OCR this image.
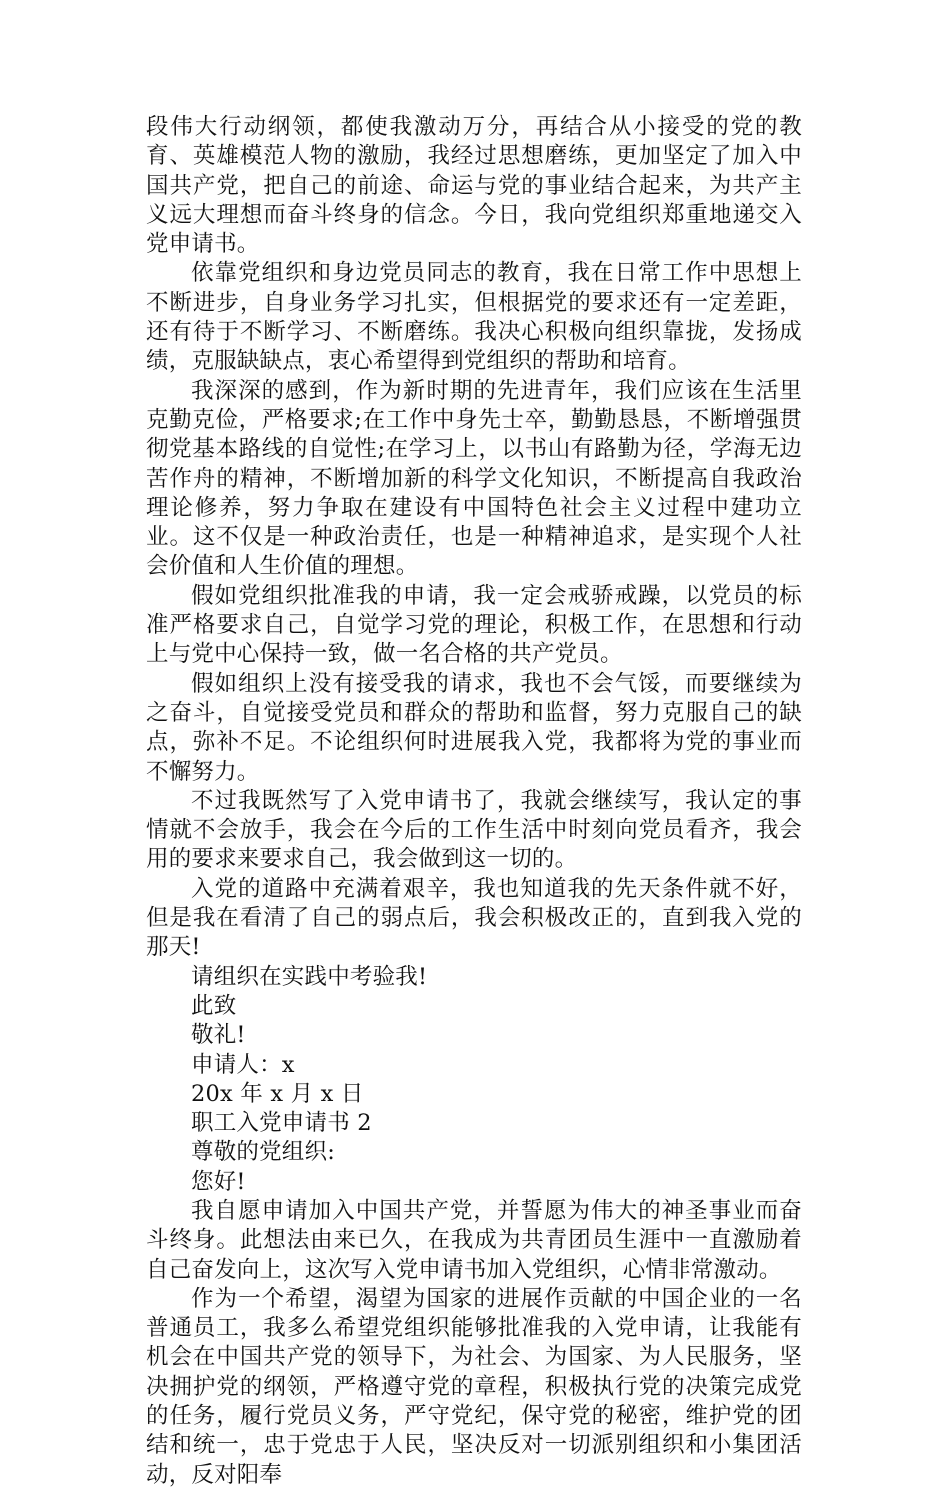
段伟大行动纲领，都使我激动万分，再结合从小接受的党的教育、英雄模范人物的激励，我经过思想磨练，更加坚定了加入中国共产党，把自己的前途、命运与党的事业结合起来，为共产主义远大理想而奋斗终身的信念。今日，我向党组织郑重地递交入党申请书。

依靠党组织和身边党员同志的教育，我在日常工作中思想上不断进步，自身业务学习扎实，但根据党的要求还有一定差距，还有待于不断学习、不断磨练。我决心积极向组织靠拢，发扬成绩，克服缺缺点，衷心希望得到党组织的帮助和培育。

我深深的感到，作为新时期的先进青年，我们应该在生活里克勤克俭，严格要求;在工作中身先士卒，勤勤恳恳，不断增强贯彻党基本路线的自觉性;在学习上，以书山有路勤为径，学海无边苦作舟的精神，不断增加新的科学文化知识，不断提高自我政治理论修养，努力争取在建设有中国特色社会主义过程中建功立业。这不仅是一种政治责任，也是一种精神追求，是实现个人社会价值和人生价值的理想。

假如党组织批准我的申请，我一定会戒骄戒躁，以党员的标准严格要求自己，自觉学习党的理论，积极工作，在思想和行动上与党中心保持一致，做一名合格的共产党员。

假如组织上没有接受我的请求，我也不会气馁，而要继续为之奋斗，自觉接受党员和群众的帮助和监督，努力克服自己的缺点，弥补不足。不论组织何时进展我入党，我都将为党的事业而不懈努力。

不过我既然写了入党申请书了，我就会继续写，我认定的事情就不会放手，我会在今后的工作生活中时刻向党员看齐，我会用的要求来要求自己，我会做到这一切的。

入党的道路中充满着艰辛，我也知道我的先天条件就不好，但是我在看清了自己的弱点后，我会积极改正的，直到我入党的那天!

请组织在实践中考验我!

此致

敬礼!

申请人：x

20x 年 x 月 x 日

职工入党申请书 2

尊敬的党组织:

您好!

我自愿申请加入中国共产党，并誓愿为伟大的神圣事业而奋斗终身。此想法由来已久，在我成为共青团员生涯中一直激励着自己奋发向上，这次写入党申请书加入党组织，心情非常激动。

作为一个希望，渴望为国家的进展作贡献的中国企业的一名普通员工，我多么希望党组织能够批准我的入党申请，让我能有机会在中国共产党的领导下，为社会、为国家、为人民服务，坚决拥护党的纲领，严格遵守党的章程，积极执行党的决策完成党的任务，履行党员义务，严守党纪，保守党的秘密，维护党的团结和统一，忠于党忠于人民，坚决反对一切派别组织和小集团活动，反对阳奉
